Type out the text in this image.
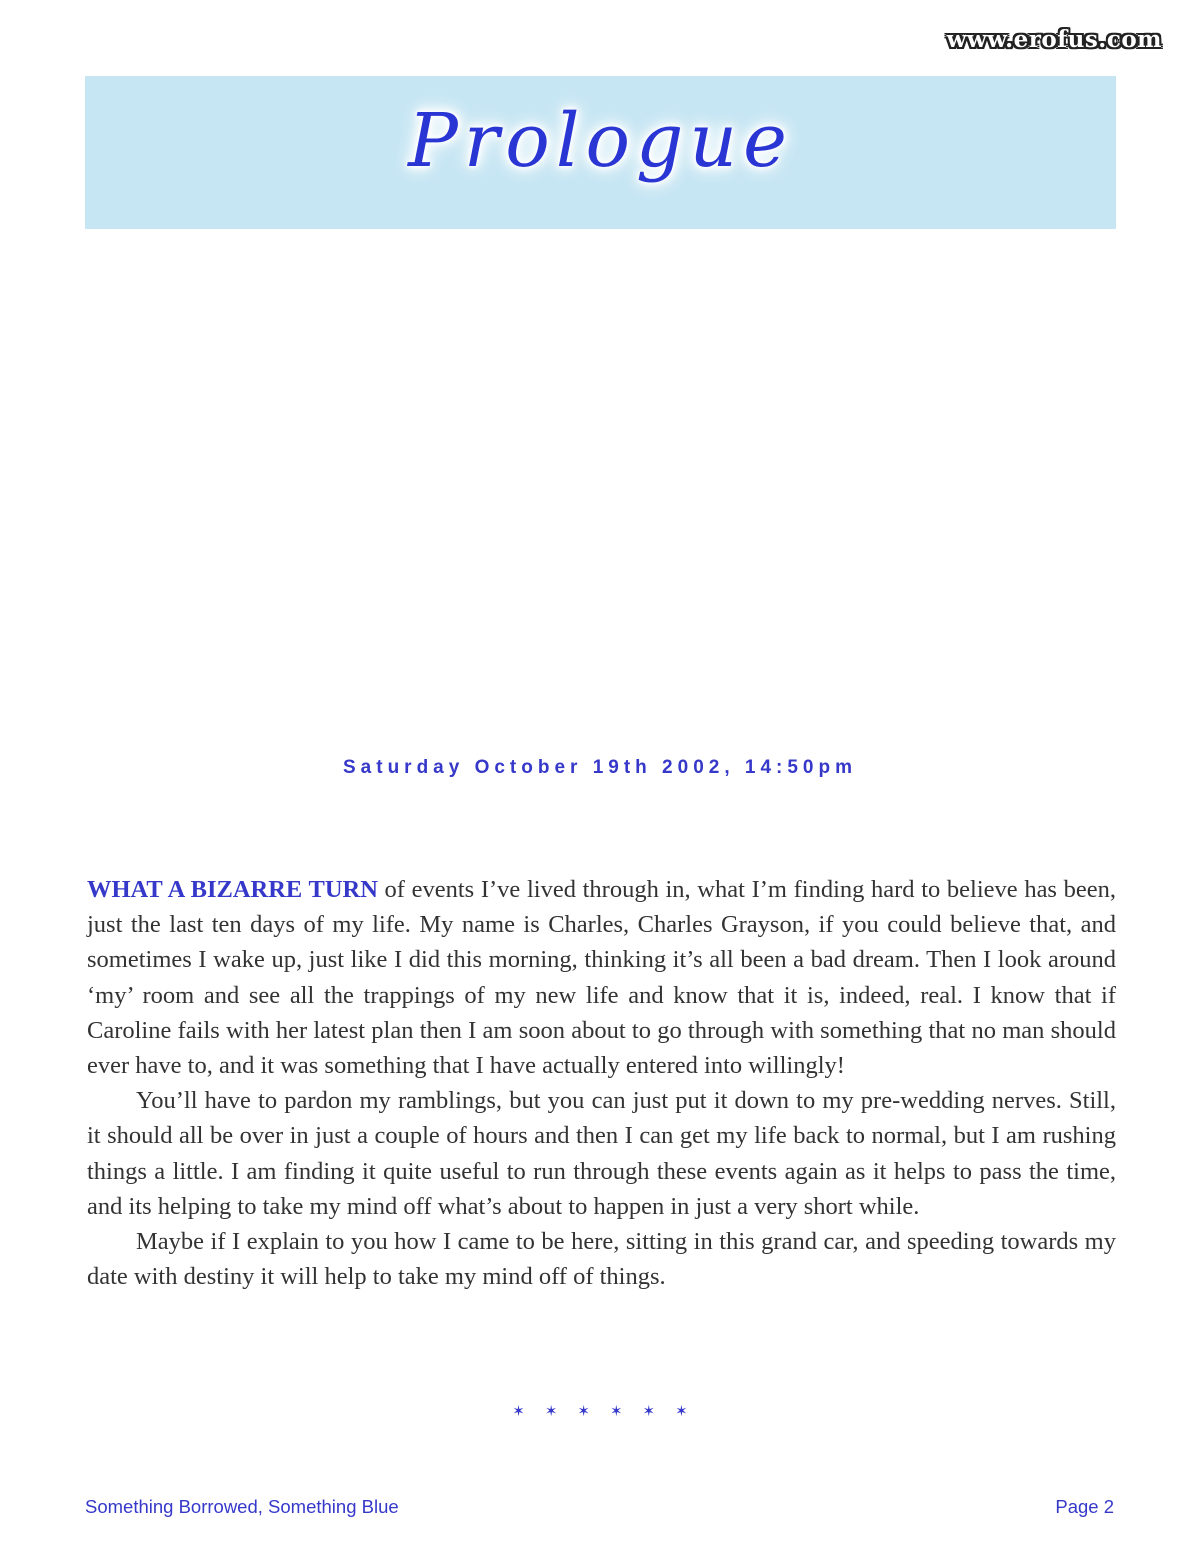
www.erofus.com
Prologue
Saturday October 19th 2002, 14:50pm

WHAT A BIZARRE TURN of events I’ve lived through in, what I’m finding hard to believe has been, just the last ten days of my life. My name is Charles, Charles Grayson, if you could believe that, and sometimes I wake up, just like I did this morning, thinking it’s all been a bad dream. Then I look around ‘my’ room and see all the trappings of my new life and know that it is, indeed, real. I know that if Caroline fails with her latest plan then I am soon about to go through with something that no man should ever have to, and it was something that I have actually entered into willingly!

You’ll have to pardon my ramblings, but you can just put it down to my pre-wedding nerves. Still, it should all be over in just a couple of hours and then I can get my life back to normal, but I am rushing things a little. I am finding it quite useful to run through these events again as it helps to pass the time, and its helping to take my mind off what’s about to happen in just a very short while.

Maybe if I explain to you how I came to be here, sitting in this grand car, and speeding towards my date with destiny it will help to take my mind off of things.

✶✶✶✶✶✶
Something Borrowed, Something Blue	Page 2
